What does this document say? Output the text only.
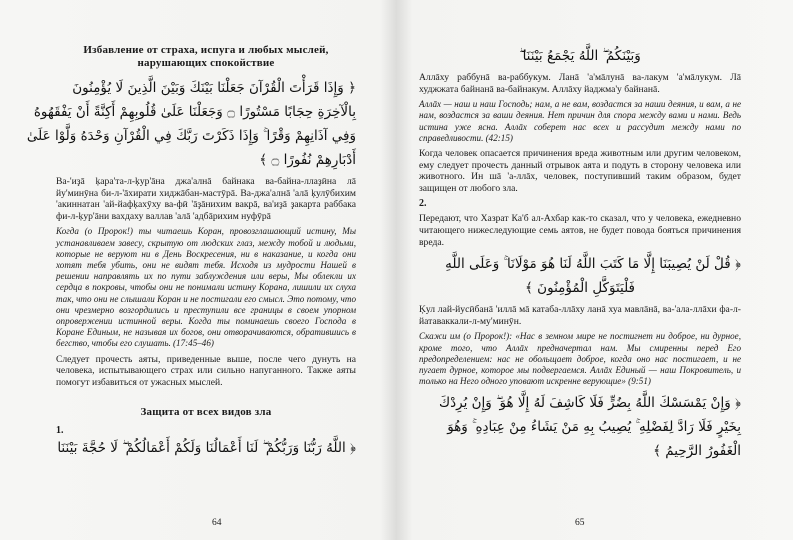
Избавление от страха, испуга и любых мыслей, нарушающих спокойствие

﴿ وَإِذَا قَرَأْتَ الْقُرْآنَ جَعَلْنَا بَيْنَكَ وَبَيْنَ الَّذِينَ لَا يُؤْمِنُونَ

بِالْآخِرَةِ حِجَابًا مَسْتُورًا ۝ وَجَعَلْنَا عَلَىٰ قُلُوبِهِمْ أَكِنَّةً أَنْ يَفْقَهُوهُ

وَفِي آذَانِهِمْ وَقْرًا ۚ وَإِذَا ذَكَرْتَ رَبَّكَ فِي الْقُرْآنِ وَحْدَهُ وَلَّوْا عَلَىٰ

أَدْبَارِهِمْ نُفُورًا ۝ ﴾

Ва-'иҙā ķара'та-л-ķур'āна джа'алнā байнака ва-байна-ллаҙӣна лā йу'минӯна би-л-'āхирати хиджāбан-мастӯрā. Ва-джа'алнā 'алā ķулӯбихим 'акиннатан 'ай-йафķахӯху ва-фӣ 'āҙāнихим вакрā, ва'иҙā ҙакарта раббака фи-л-ķур'āни вахдаху валлав 'алā 'адбāрихим нуфӯрā

Когда (о Пророк!) ты читаешь Коран, провозглашающий истину, Мы устанавливаем завесу, скрытую от людских глаз, между тобой и людьми, которые не веруют ни в День Воскресения, ни в наказание, и когда они хотят тебя убить, они не видят тебя. Исходя из мудрости Нашей в решении направлять их по пути заблуждения или веры, Мы облекли их сердца в покровы, чтобы они не понимали истину Корана, лишили их слуха так, что они не слышали Коран и не постигали его смысл. Это потому, что они чрезмерно возгордились и преступили все границы в своем упорном опровержении истинной веры. Когда ты поминаешь своего Господа в Коране Единым, не называя их богов, они отворачиваются, обратившись в бегство, чтобы его слушать. (17:45–46)

Следует прочесть аяты, приведенные выше, после чего дунуть на человека, испытывающего страх или сильно напуганного. Также аяты помогут избавиться от ужасных мыслей.

Защита от всех видов зла
1.

﴿ اللَّهُ رَبُّنَا وَرَبُّكُمْ ۖ لَنَا أَعْمَالُنَا وَلَكُمْ أَعْمَالُكُمْ ۖ لَا حُجَّةَ بَيْنَنَا

64

وَبَيْنَكُمُ ۖ اللَّهُ يَجْمَعُ بَيْنَنَا ۖ

Аллāху раббунā ва-раббукум. Ланā 'а'мāлунā ва-лакум 'а'мāлукум. Лā худжжата байнанā ва-байнакум. Аллāху йаджма'у байнанā.

Аллāх — наш и наш Господь; нам, а не вам, воздастся за наши деяния, и вам, а не нам, воздастся за ваши деяния. Нет причин для спора между вами и нами. Ведь истина уже ясна. Аллāх соберет нас всех и рассудит между нами по справедливости. (42:15)

Когда человек опасается причинения вреда животным или другим человеком, ему следует прочесть данный отрывок аята и подуть в сторону человека или животного. Ин шā 'а-ллāх, человек, поступивший таким образом, будет защищен от любого зла.

2.

Передают, что Хазрат Ка'б ал-Ахбар как-то сказал, что у человека, ежедневно читающего нижеследующие семь аятов, не будет повода бояться причинения вреда.

﴿ قُلْ لَنْ يُصِيبَنَا إِلَّا مَا كَتَبَ اللَّهُ لَنَا هُوَ مَوْلَانَا ۚ وَعَلَى اللَّهِ

فَلْيَتَوَكَّلِ الْمُؤْمِنُونَ ﴾

Ķул лай-йусӣбанā 'иллā мā катаба-ллāху ланā хуа мавлāнā, ва-'ала-ллāхи фа-л-йатаваккали-л-му'минӯн.

Скажи им (о Пророк!): «Нас в земном мире не постигнет ни доброе, ни дурное, кроме того, что Аллāх предначертал нам. Мы смиренны перед Его предопределением: нас не обольщает доброе, когда оно нас постигает, и не пугает дурное, которое мы подвергаемся. Аллāх Единый — наш Покровитель, и только на Него одного уповают искренне верующие» (9:51)

﴿ وَإِنْ يَمْسَسْكَ اللَّهُ بِضُرٍّ فَلَا كَاشِفَ لَهُ إِلَّا هُوَ ۖ وَإِنْ يُرِدْكَ

بِخَيْرٍ فَلَا رَادَّ لِفَضْلِهِ ۚ يُصِيبُ بِهِ مَنْ يَشَاءُ مِنْ عِبَادِهِ ۚ وَهُوَ

الْغَفُورُ الرَّحِيمُ ﴾

65
